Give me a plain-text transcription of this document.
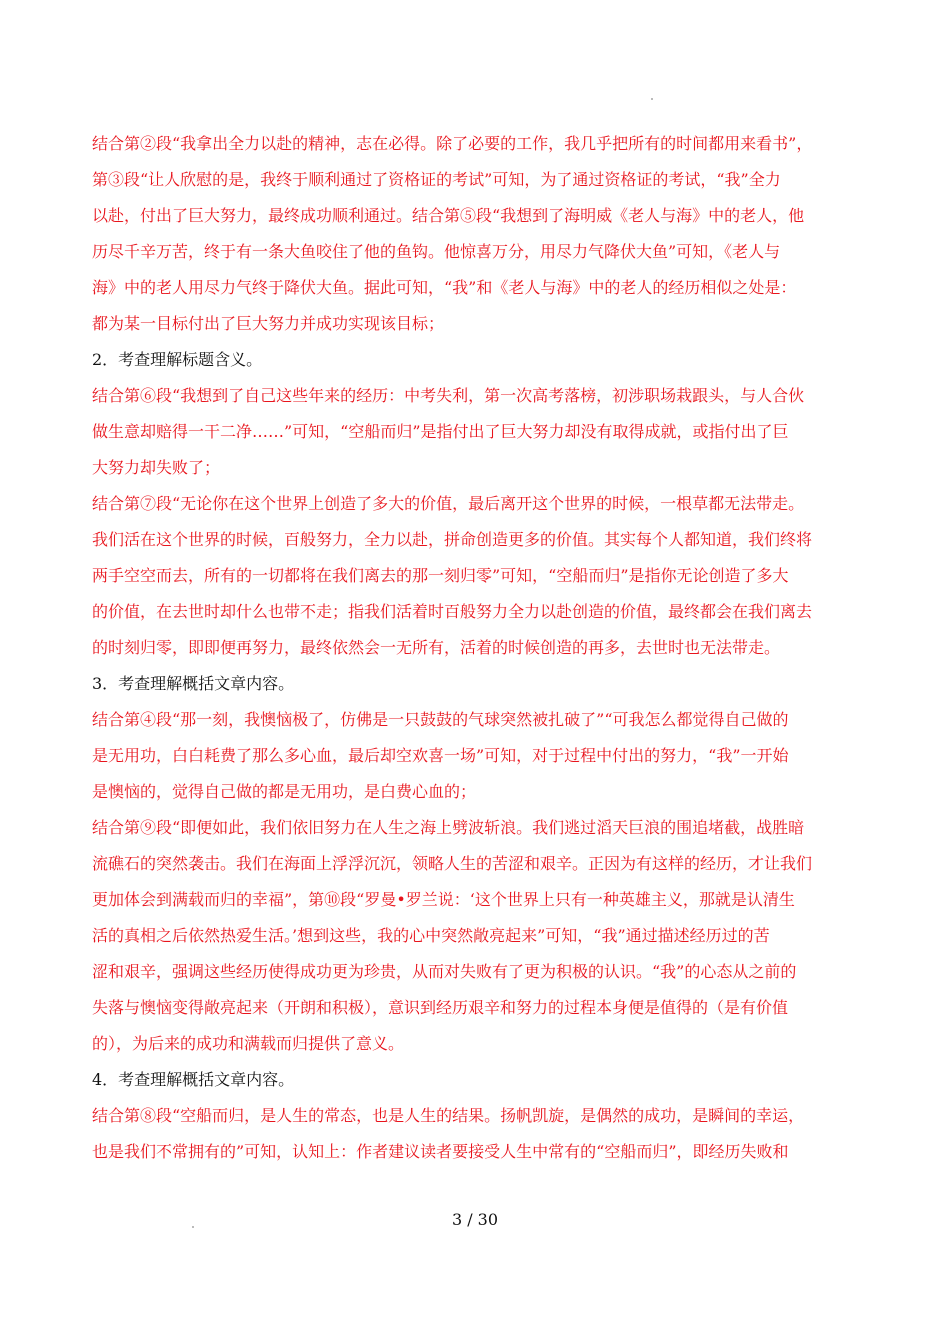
结合第②段“我拿出全力以赴的精神，志在必得。除了必要的工作，我几乎把所有的时间都用来看书”，
第③段“让人欣慰的是，我终于顺利通过了资格证的考试”可知，为了通过资格证的考试，“我”全力
以赴，付出了巨大努力，最终成功顺利通过。结合第⑤段“我想到了海明威《老人与海》中的老人，他
历尽千辛万苦，终于有一条大鱼咬住了他的鱼钩。他惊喜万分，用尽力气降伏大鱼”可知，《老人与
海》中的老人用尽力气终于降伏大鱼。据此可知，“我”和《老人与海》中的老人的经历相似之处是：
都为某一目标付出了巨大努力并成功实现该目标；
2．考查理解标题含义。
结合第⑥段“我想到了自己这些年来的经历：中考失利，第一次高考落榜，初涉职场栽跟头，与人合伙
做生意却赔得一干二净……”可知，“空船而归”是指付出了巨大努力却没有取得成就，或指付出了巨
大努力却失败了；
结合第⑦段“无论你在这个世界上创造了多大的价值，最后离开这个世界的时候，一根草都无法带走。
我们活在这个世界的时候，百般努力，全力以赴，拼命创造更多的价值。其实每个人都知道，我们终将
两手空空而去，所有的一切都将在我们离去的那一刻归零”可知，“空船而归”是指你无论创造了多大
的价值，在去世时却什么也带不走；指我们活着时百般努力全力以赴创造的价值，最终都会在我们离去
的时刻归零，即即便再努力，最终依然会一无所有，活着的时候创造的再多，去世时也无法带走。
3．考查理解概括文章内容。
结合第④段“那一刻，我懊恼极了，仿佛是一只鼓鼓的气球突然被扎破了”“可我怎么都觉得自己做的
是无用功，白白耗费了那么多心血，最后却空欢喜一场”可知，对于过程中付出的努力，“我”一开始
是懊恼的，觉得自己做的都是无用功，是白费心血的；
结合第⑨段“即便如此，我们依旧努力在人生之海上劈波斩浪。我们逃过滔天巨浪的围追堵截，战胜暗
流礁石的突然袭击。我们在海面上浮浮沉沉，领略人生的苦涩和艰辛。正因为有这样的经历，才让我们
更加体会到满载而归的幸福”，第⑩段“罗曼•罗兰说：‘这个世界上只有一种英雄主义，那就是认清生
活的真相之后依然热爱生活。’想到这些，我的心中突然敞亮起来”可知，“我”通过描述经历过的苦
涩和艰辛，强调这些经历使得成功更为珍贵，从而对失败有了更为积极的认识。“我”的心态从之前的
失落与懊恼变得敞亮起来（开朗和积极），意识到经历艰辛和努力的过程本身便是值得的（是有价值
的），为后来的成功和满载而归提供了意义。
4．考查理解概括文章内容。
结合第⑧段“空船而归，是人生的常态，也是人生的结果。扬帆凯旋，是偶然的成功，是瞬间的幸运，
也是我们不常拥有的”可知，认知上：作者建议读者要接受人生中常有的“空船而归”，即经历失败和
3 / 30
